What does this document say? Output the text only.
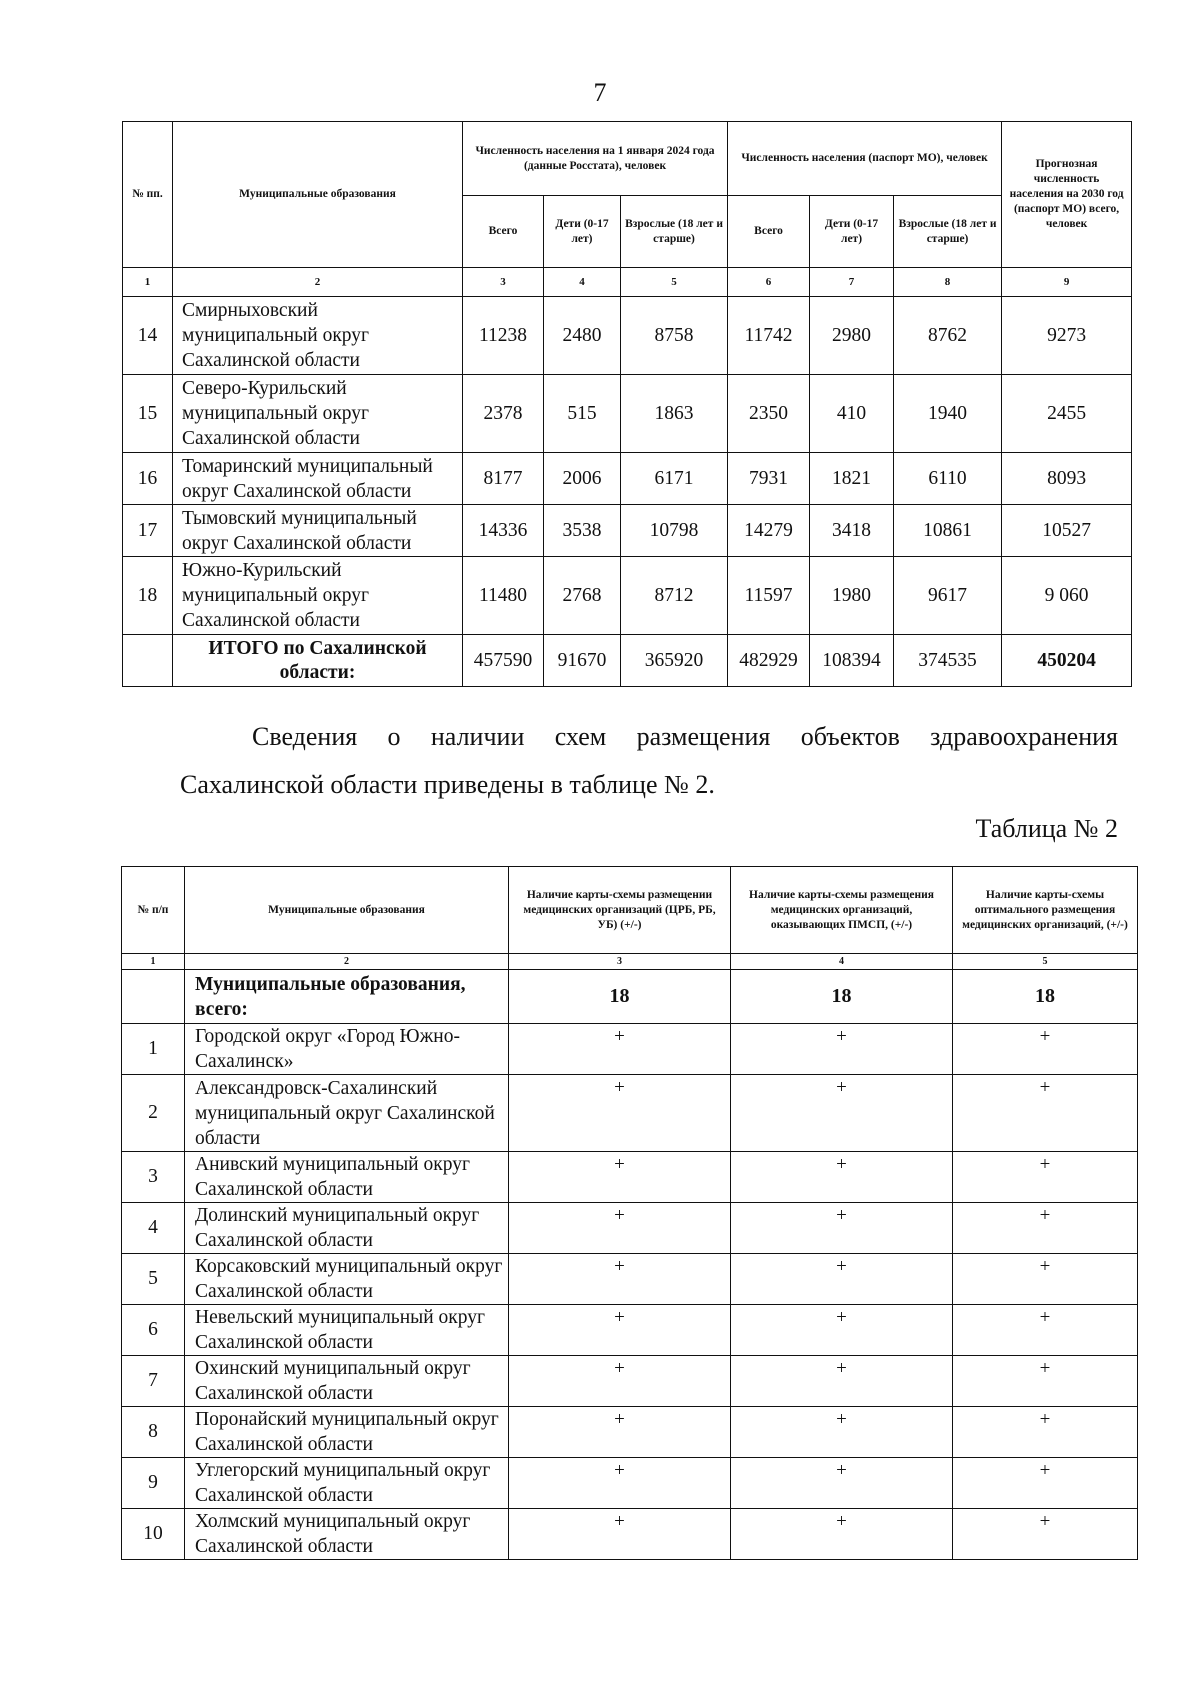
7
№ пп.	Муниципальные образования	Численность населения на 1 января 2024 года (данные Росстата), человек			Численность населения (паспорт МО), человек			Прогнозная численность населения на 2030 год (паспорт МО) всего, человек
		Всего	Дети (0-17 лет)	Взрослые (18 лет и старше)	Всего	Дети (0-17 лет)	Взрослые (18 лет и старше)	
1	2	3	4	5	6	7	8	9
14	Смирныховский муниципальный округ Сахалинской области	11238	2480	8758	11742	2980	8762	9273
15	Северо-Курильский муниципальный округ Сахалинской области	2378	515	1863	2350	410	1940	2455
16	Томаринский муниципальный округ Сахалинской области	8177	2006	6171	7931	1821	6110	8093
17	Тымовский муниципальный округ Сахалинской области	14336	3538	10798	14279	3418	10861	10527
18	Южно-Курильский муниципальный округ Сахалинской области	11480	2768	8712	11597	1980	9617	9 060
	ИТОГО по Сахалинской области:	457590	91670	365920	482929	108394	374535	450204
Сведения о наличии схем размещения объектов здравоохранения Сахалинской области приведены в таблице № 2.
Таблица № 2
№ п/п	Муниципальные образования	Наличие карты-схемы размещении медицинских организаций (ЦРБ, РБ, УБ) (+/-)	Наличие карты-схемы размещения медицинских организаций, оказывающих ПМСП, (+/-)	Наличие карты-схемы оптимального размещения медицинских организаций, (+/-)
1	2	3	4	5
	Муниципальные образования, всего:	18	18	18
1	Городской округ «Город Южно-Сахалинск»	+	+	+
2	Александровск-Сахалинский муниципальный округ Сахалинской области	+	+	+
3	Анивский муниципальный округ Сахалинской области	+	+	+
4	Долинский муниципальный округ Сахалинской области	+	+	+
5	Корсаковский муниципальный округ Сахалинской области	+	+	+
6	Невельский муниципальный округ Сахалинской области	+	+	+
7	Охинский муниципальный округ Сахалинской области	+	+	+
8	Поронайский муниципальный округ Сахалинской области	+	+	+
9	Углегорский муниципальный округ Сахалинской области	+	+	+
10	Холмский муниципальный округ Сахалинской области	+	+	+
